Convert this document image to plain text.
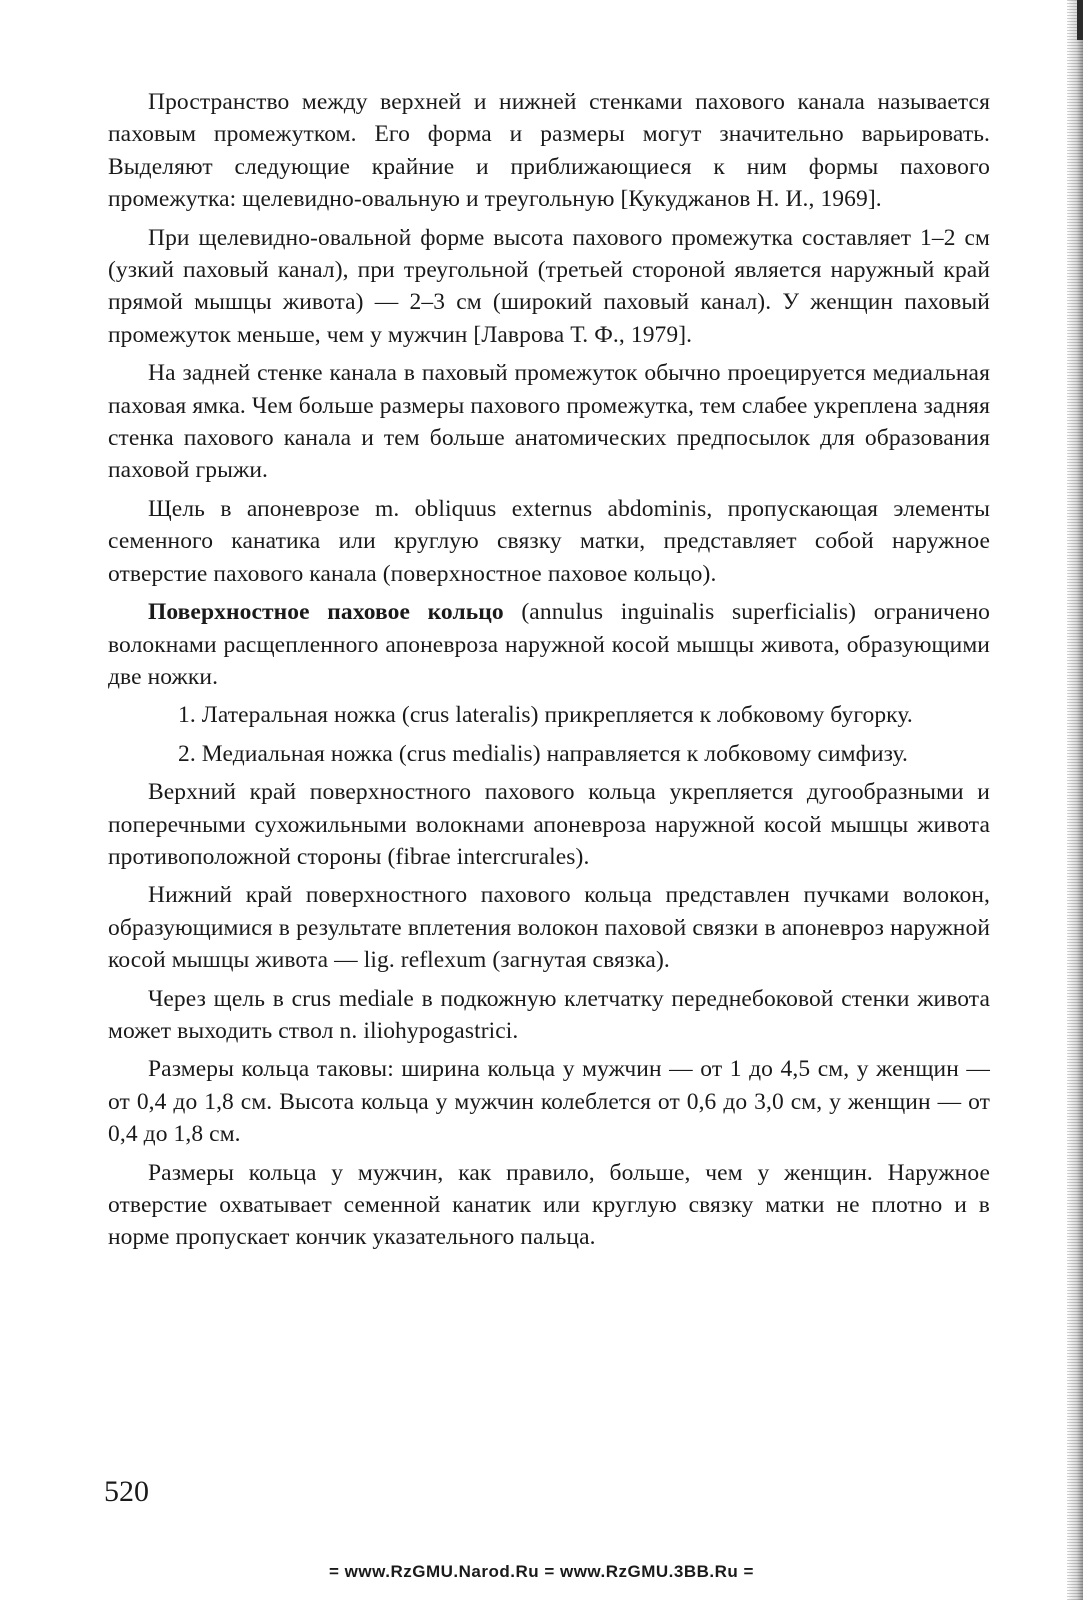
Пространство между верхней и нижней стенками пахового канала называется паховым промежутком. Его форма и размеры могут значительно варьировать. Выделяют следующие крайние и приближающиеся к ним формы пахового промежутка: щелевидно-овальную и треугольную [Кукуджанов Н. И., 1969].

При щелевидно-овальной форме высота пахового промежутка составляет 1–2 см (узкий паховый канал), при треугольной (третьей стороной является наружный край прямой мышцы живота) — 2–3 см (широкий паховый канал). У женщин паховый промежуток меньше, чем у мужчин [Лаврова Т. Ф., 1979].

На задней стенке канала в паховый промежуток обычно проецируется медиальная паховая ямка. Чем больше размеры пахового промежутка, тем слабее укреплена задняя стенка пахового канала и тем больше анатомических предпосылок для образования паховой грыжи.

Щель в апоневрозе m. obliquus externus abdominis, пропускающая элементы семенного канатика или круглую связку матки, представляет собой наружное отверстие пахового канала (поверхностное паховое кольцо).

Поверхностное паховое кольцо (annulus inguinalis superficialis) ограничено волокнами расщепленного апоневроза наружной косой мышцы живота, образующими две ножки.

1. Латеральная ножка (crus lateralis) прикрепляется к лобковому бугорку.
2. Медиальная ножка (crus medialis) направляется к лобковому симфизу.

Верхний край поверхностного пахового кольца укрепляется дугообразными и поперечными сухожильными волокнами апоневроза наружной косой мышцы живота противоположной стороны (fibrae intercrurales).

Нижний край поверхностного пахового кольца представлен пучками волокон, образующимися в результате вплетения волокон паховой связки в апоневроз наружной косой мышцы живота — lig. reflexum (загнутая связка).

Через щель в crus mediale в подкожную клетчатку переднебоковой стенки живота может выходить ствол n. iliohypogastrici.

Размеры кольца таковы: ширина кольца у мужчин — от 1 до 4,5 см, у женщин — от 0,4 до 1,8 см. Высота кольца у мужчин колеблется от 0,6 до 3,0 см, у женщин — от 0,4 до 1,8 см.

Размеры кольца у мужчин, как правило, больше, чем у женщин. Наружное отверстие охватывает семенной канатик или круглую связку матки не плотно и в норме пропускает кончик указательного пальца.

520
= www.RzGMU.Narod.Ru = www.RzGMU.3BB.Ru =
